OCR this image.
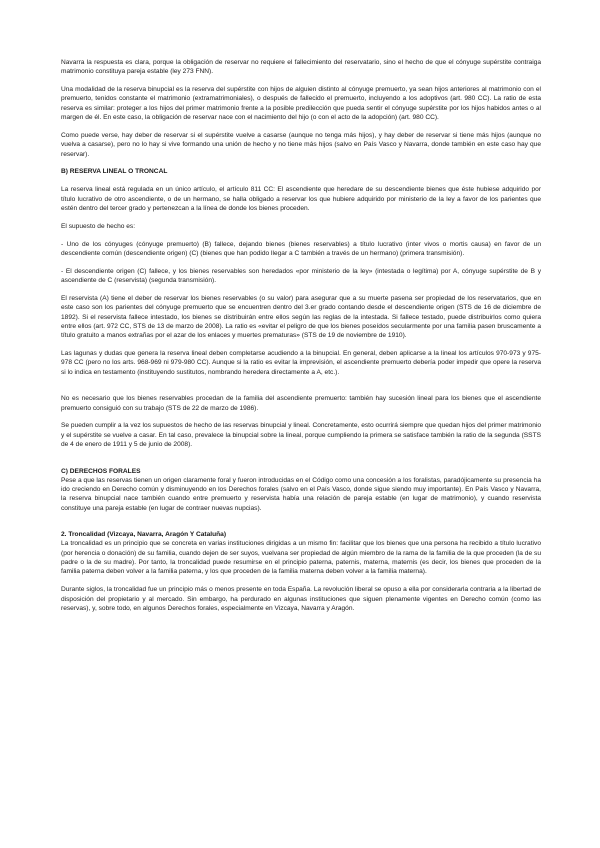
Navarra la respuesta es clara, porque la obligación de reservar no requiere el fallecimiento del reservatario, sino el hecho de que el cónyuge supérstite contraiga matrimonio constituya pareja estable (ley 273 FNN).

Una modalidad de la reserva binupcial es la reserva del supérstite con hijos de alguien distinto al cónyuge premuerto, ya sean hijos anteriores al matrimonio con el premuerto, tenidos constante el matrimonio (extramatrimoniales), o después de fallecido el premuerto, incluyendo a los adoptivos (art. 980 CC). La ratio de esta reserva es similar: proteger a los hijos del primer matrimonio frente a la posible predilección que pueda sentir el cónyuge supérstite por los hijos habidos antes o al margen de él. En este caso, la obligación de reservar nace con el nacimiento del hijo (o con el acto de la adopción) (art. 980 CC).

Como puede verse, hay deber de reservar si el supérstite vuelve a casarse (aunque no tenga más hijos), y hay deber de reservar si tiene más hijos (aunque no vuelva a casarse), pero no lo hay si vive formando una unión de hecho y no tiene más hijos (salvo en País Vasco y Navarra, donde también en este caso hay que reservar).

B) RESERVA LINEAL O TRONCAL

La reserva lineal está regulada en un único artículo, el artículo 811 CC: El ascendiente que heredare de su descendiente bienes que éste hubiese adquirido por título lucrativo de otro ascendiente, o de un hermano, se halla obligado a reservar los que hubiere adquirido por ministerio de la ley a favor de los parientes que estén dentro del tercer grado y pertenezcan a la línea de donde los bienes proceden.

El supuesto de hecho es:

- Uno de los cónyuges (cónyuge premuerto) (B) fallece, dejando bienes (bienes reservables) a título lucrativo (inter vivos o mortis causa) en favor de un descendiente común (descendiente origen) (C) (bienes que han podido llegar a C también a través de un hermano) (primera transmisión).

- El descendiente origen (C) fallece, y los bienes reservables son heredados «por ministerio de la ley» (intestada o legítima) por A, cónyuge supérstite de B y ascendiente de C (reservista) (segunda transmisión).

El reservista (A) tiene el deber de reservar los bienes reservables (o su valor) para asegurar que a su muerte pasena ser propiedad de los reservatarios, que en este caso son los parientes del cónyuge premuerto que se encuentren dentro del 3.er grado contando desde el descendiente origen (STS de 16 de diciembre de 1892). Si el reservista fallece intestado, los bienes se distribuirán entre ellos según las reglas de la intestada. Si fallece testado, puede distribuirlos como quiera entre ellos (art. 972 CC, STS de 13 de marzo de 2008). La ratio es «evitar el peligro de que los bienes poseídos secularmente por una familia pasen bruscamente a título gratuito a manos extrañas por el azar de los enlaces y muertes prematuras» (STS de 19 de noviembre de 1910).

Las lagunas y dudas que genera la reserva lineal deben completarse acudiendo a la binupcial. En general, deben aplicarse a la lineal los artículos 970-973 y 975-978 CC (pero no los arts. 968-969 ni 979-980 CC). Aunque si la ratio es evitar la imprevisión, el ascendiente premuerto debería poder impedir que opere la reserva si lo indica en testamento (instituyendo sustitutos, nombrando heredera directamente a A, etc.).

No es necesario que los bienes reservables procedan de la familia del ascendiente premuerto: también hay sucesión lineal para los bienes que el ascendiente premuerto consiguió con su trabajo (STS de 22 de marzo de 1986).

Se pueden cumplir a la vez los supuestos de hecho de las reservas binupcial y lineal. Concretamente, esto ocurrirá siempre que quedan hijos del primer matrimonio y el supérstite se vuelve a casar. En tal caso, prevalece la binupcial sobre la lineal, porque cumpliendo la primera se satisface también la ratio de la segunda (SSTS de 4 de enero de 1911 y 5 de junio de 2008).

C) DERECHOS FORALES

Pese a que las reservas tienen un origen claramente foral y fueron introducidas en el Código como una concesión a los foralistas, paradójicamente su presencia ha ido creciendo en Derecho común y disminuyendo en los Derechos forales (salvo en el País Vasco, donde sigue siendo muy importante). En País Vasco y Navarra, la reserva binupcial nace también cuando entre premuerto y reservista había una relación de pareja estable (en lugar de matrimonio), y cuando reservista constituye una pareja estable (en lugar de contraer nuevas nupcias).

2. Troncalidad (Vizcaya, Navarra, Aragón Y Cataluña)

La troncalidad es un principio que se concreta en varias instituciones dirigidas a un mismo fin: facilitar que los bienes que una persona ha recibido a título lucrativo (por herencia o donación) de su familia, cuando dejen de ser suyos, vuelvana ser propiedad de algún miembro de la rama de la familia de la que proceden (la de su padre o la de su madre). Por tanto, la troncalidad puede resumirse en el principio paterna, paternis, materna, maternis (es decir, los bienes que proceden de la familia paterna deben volver a la familia paterna, y los que proceden de la familia materna deben volver a la familia materna).

Durante siglos, la troncalidad fue un principio más o menos presente en toda España. La revolución liberal se opuso a ella por considerarla contraria a la libertad de disposición del propietario y al mercado. Sin embargo, ha perdurado en algunas instituciones que siguen plenamente vigentes en Derecho común (como las reservas), y, sobre todo, en algunos Derechos forales, especialmente en Vizcaya, Navarra y Aragón.
